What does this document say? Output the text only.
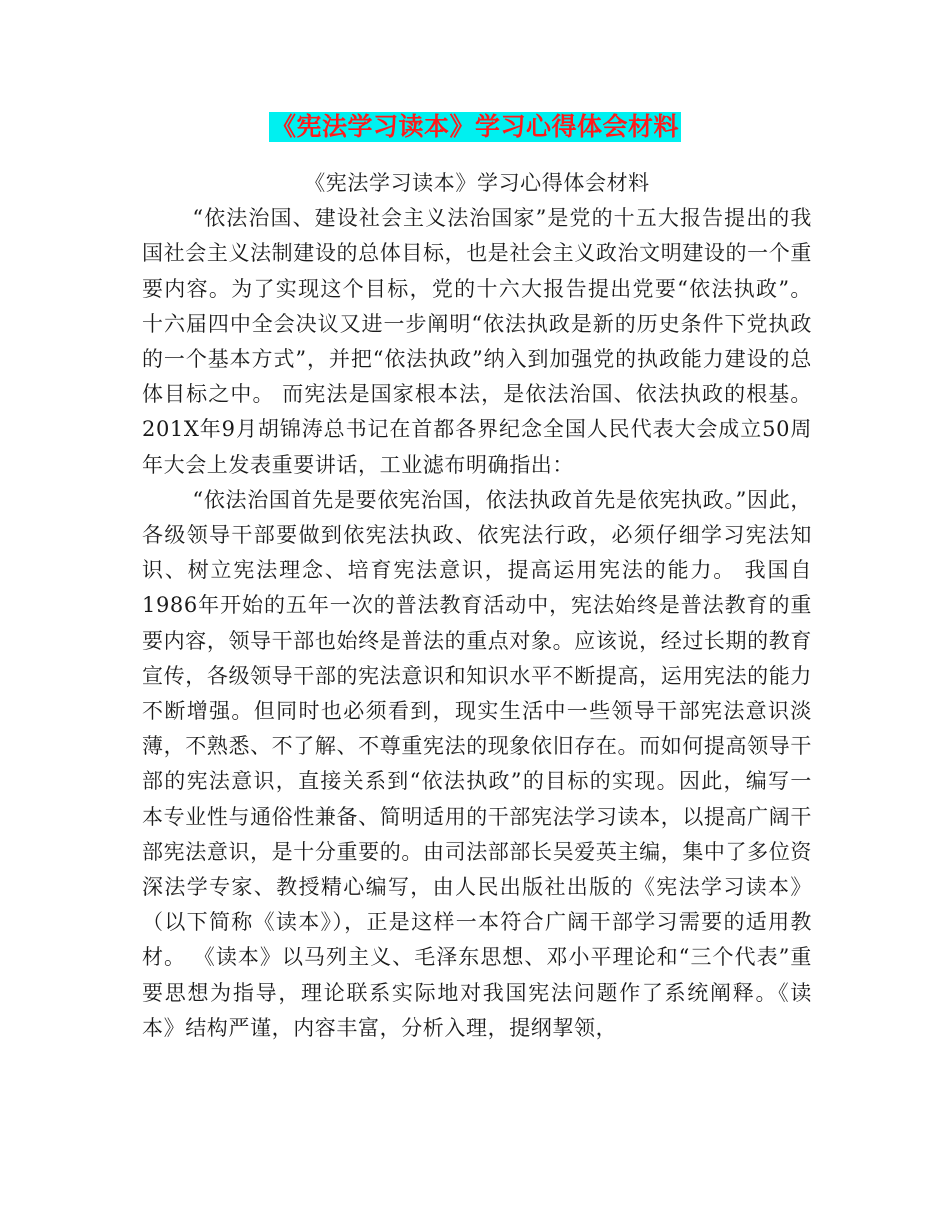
《宪法学习读本》学习心得体会材料

《宪法学习读本》学习心得体会材料

“依法治国、建设社会主义法治国家”是党的十五大报告提出的我国社会主义法制建设的总体目标，也是社会主义政治文明建设的一个重要内容。为了实现这个目标，党的十六大报告提出党要“依法执政”。十六届四中全会决议又进一步阐明“依法执政是新的历史条件下党执政的一个基本方式”，并把“依法执政”纳入到加强党的执政能力建设的总体目标之中。 而宪法是国家根本法，是依法治国、依法执政的根基。201X年9月胡锦涛总书记在首都各界纪念全国人民代表大会成立50周年大会上发表重要讲话，工业滤布明确指出：

“依法治国首先是要依宪治国，依法执政首先是依宪执政。”因此，各级领导干部要做到依宪法执政、依宪法行政，必须仔细学习宪法知识、树立宪法理念、培育宪法意识，提高运用宪法的能力。 我国自1986年开始的五年一次的普法教育活动中，宪法始终是普法教育的重要内容，领导干部也始终是普法的重点对象。应该说，经过长期的教育宣传，各级领导干部的宪法意识和知识水平不断提高，运用宪法的能力不断增强。但同时也必须看到，现实生活中一些领导干部宪法意识淡薄，不熟悉、不了解、不尊重宪法的现象依旧存在。而如何提高领导干部的宪法意识，直接关系到“依法执政”的目标的实现。因此，编写一本专业性与通俗性兼备、简明适用的干部宪法学习读本，以提高广阔干部宪法意识，是十分重要的。由司法部部长吴爱英主编，集中了多位资深法学专家、教授精心编写，由人民出版社出版的《宪法学习读本》（以下简称《读本》），正是这样一本符合广阔干部学习需要的适用教材。 《读本》以马列主义、毛泽东思想、邓小平理论和“三个代表”重要思想为指导，理论联系实际地对我国宪法问题作了系统阐释。《读本》结构严谨，内容丰富，分析入理，提纲挈领，
